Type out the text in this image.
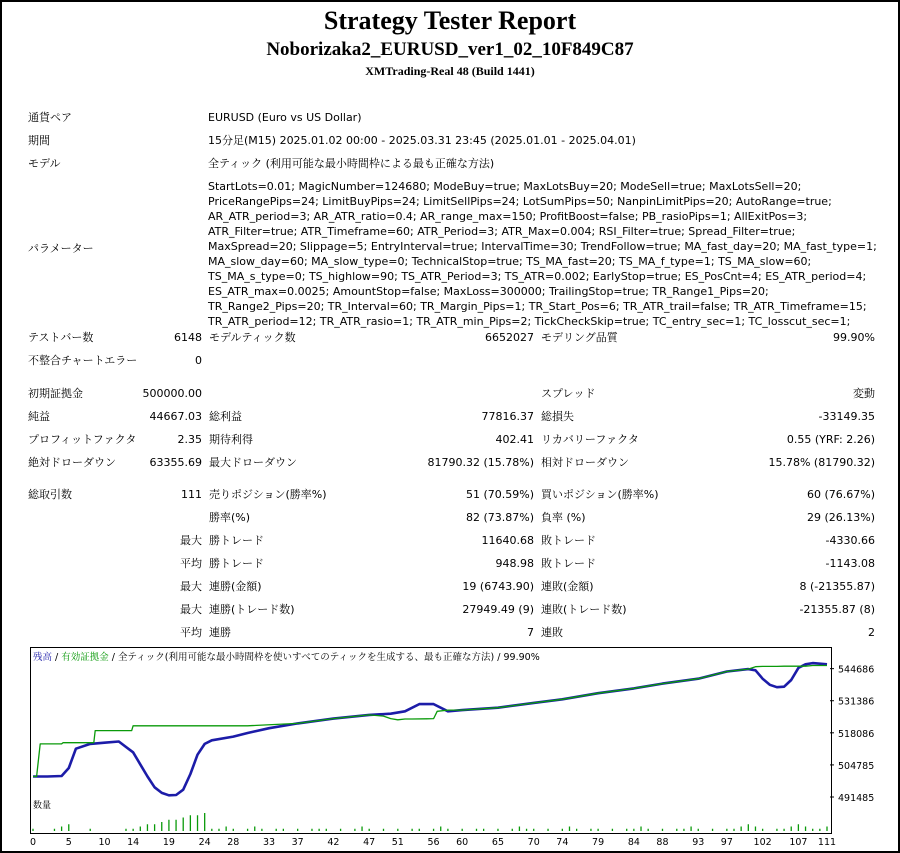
Strategy Tester Report
Noborizaka2_EURUSD_ver1_02_10F849C87
XMTrading-Real 48 (Build 1441)
通貨ペア	EURUSD (Euro vs US Dollar)
期間	15分足(M15) 2025.01.02 00:00 - 2025.03.31 23:45 (2025.01.01 - 2025.04.01)
モデル	全ティック (利用可能な最小時間枠による最も正確な方法)
パラメーター
StartLots=0.01; MagicNumber=124680; ModeBuy=true; MaxLotsBuy=20; ModeSell=true; MaxLotsSell=20; PriceRangePips=24; LimitBuyPips=24; LimitSellPips=24; LotSumPips=50; NanpinLimitPips=20; AutoRange=true; AR_ATR_period=3; AR_ATR_ratio=0.4; AR_range_max=150; ProfitBoost=false; PB_rasioPips=1; AllExitPos=3; ATR_Filter=true; ATR_Timeframe=60; ATR_Period=3; ATR_Max=0.004; RSI_Filter=true; Spread_Filter=true; MaxSpread=20; Slippage=5; EntryInterval=true; IntervalTime=30; TrendFollow=true; MA_fast_day=20; MA_fast_type=1; MA_slow_day=60; MA_slow_type=0; TechnicalStop=true; TS_MA_fast=20; TS_MA_f_type=1; TS_MA_slow=60; TS_MA_s_type=0; TS_highlow=90; TS_ATR_Period=3; TS_ATR=0.002; EarlyStop=true; ES_PosCnt=4; ES_ATR_period=4; ES_ATR_max=0.0025; AmountStop=false; MaxLoss=300000; TrailingStop=true; TR_Range1_Pips=20; TR_Range2_Pips=20; TR_Interval=60; TR_Margin_Pips=1; TR_Start_Pos=6; TR_ATR_trail=false; TR_ATR_Timeframe=15; TR_ATR_period=12; TR_ATR_rasio=1; TR_ATR_min_Pips=2; TickCheckSkip=true; TC_entry_sec=1; TC_losscut_sec=1;
テストバー数	6148 モデルティック数	6652027 モデリング品質	99.90%
不整合チャートエラー	0
初期証拠金	500000.00	スプレッド	変動
純益	44667.03 総利益	77816.37 総損失	-33149.35
プロフィットファクタ	2.35 期待利得	402.41 リカバリーファクタ	0.55 (YRF: 2.26)
絶対ドローダウン	63355.69 最大ドローダウン	81790.32 (15.78%) 相対ドローダウン	15.78% (81790.32)
総取引数	111 売りポジション(勝率%)	51 (70.59%) 買いポジション(勝率%)	60 (76.67%)
勝率(%)	82 (73.87%) 負率 (%)	29 (26.13%)
最大 勝トレード	11640.68 敗トレード	-4330.66
平均 勝トレード	948.98 敗トレード	-1143.08
最大 連勝(金額)	19 (6743.90) 連敗(金額)	8 (-21355.87)
最大 連勝(トレード数)	27949.49 (9) 連敗(トレード数)	-21355.87 (8)
平均 連勝	7 連敗	2
544686
531386
518086
504785
491485
0	5	10 14 19 24 28 33 37 42 47 51 56 60 65 70 74 79 84 88 93 97 102 107 111
残高 / 有効証拠金 / 全ティック(利用可能な最小時間枠を使いすべてのティックを生成する、最も正確な方法) / 99.90%
数量
